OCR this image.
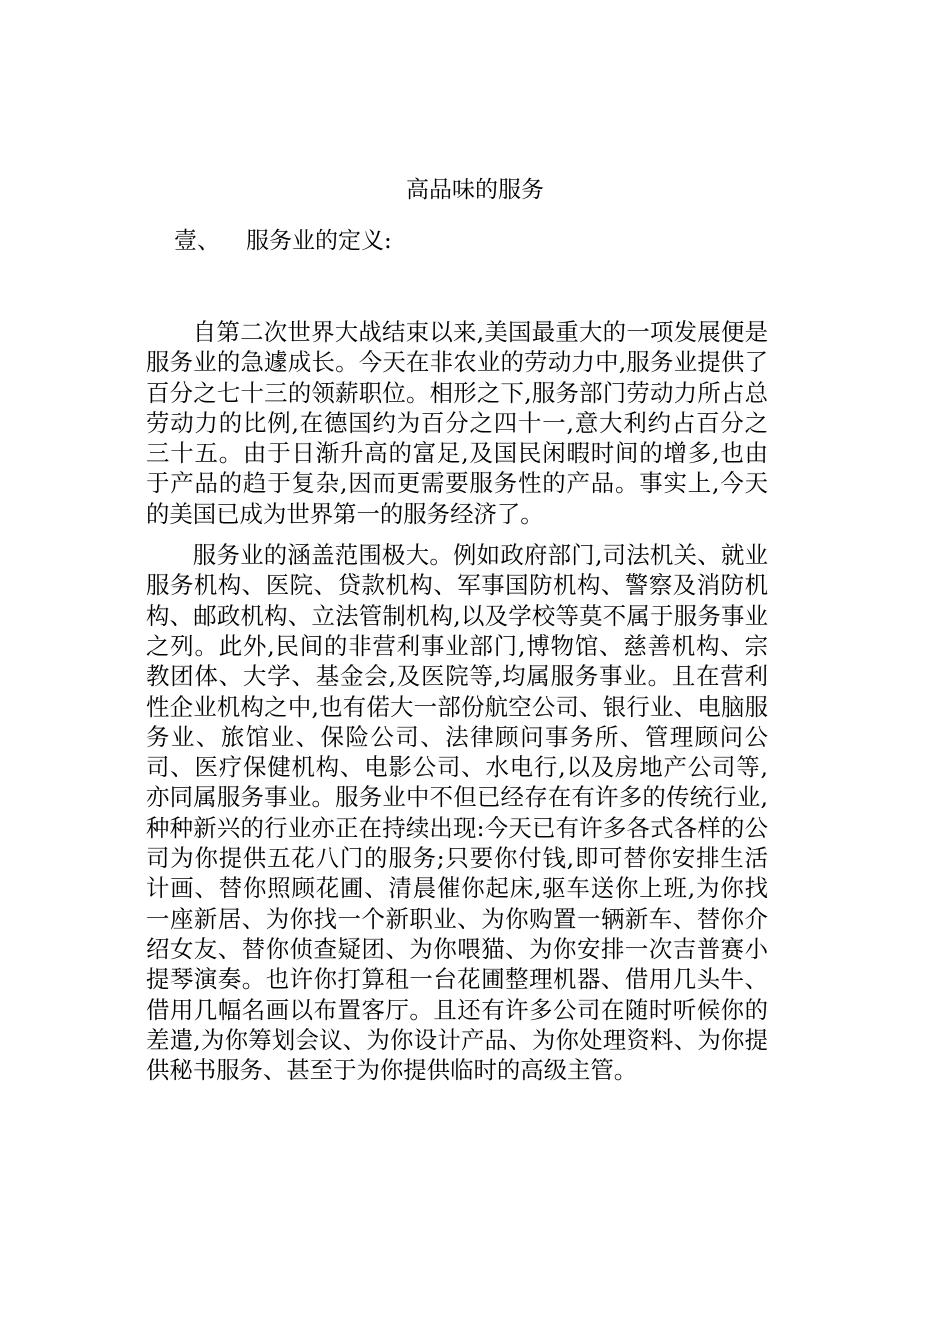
高品味的服务
壹、 服务业的定义:

自第二次世界大战结束以来,美国最重大的一项发展便是服务业的急遽成长。今天在非农业的劳动力中,服务业提供了百分之七十三的领薪职位。相形之下,服务部门劳动力所占总劳动力的比例,在德国约为百分之四十一,意大利约占百分之三十五。由于日渐升高的富足,及国民闲暇时间的增多,也由于产品的趋于复杂,因而更需要服务性的产品。事实上,今天的美国已成为世界第一的服务经济了。

服务业的涵盖范围极大。例如政府部门,司法机关、就业服务机构、医院、贷款机构、军事国防机构、警察及消防机构、邮政机构、立法管制机构,以及学校等莫不属于服务事业之列。此外,民间的非营利事业部门,博物馆、慈善机构、宗教团体、大学、基金会,及医院等,均属服务事业。且在营利性企业机构之中,也有偌大一部份航空公司、银行业、电脑服务业、旅馆业、保险公司、法律顾问事务所、管理顾问公司、医疗保健机构、电影公司、水电行,以及房地产公司等,亦同属服务事业。服务业中不但已经存在有许多的传统行业,种种新兴的行业亦正在持续出现:今天已有许多各式各样的公司为你提供五花八门的服务;只要你付钱,即可替你安排生活计画、替你照顾花圃、清晨催你起床,驱车送你上班,为你找一座新居、为你找一个新职业、为你购置一辆新车、替你介绍女友、替你侦查疑团、为你喂猫、为你安排一次吉普赛小提琴演奏。也许你打算租一台花圃整理机器、借用几头牛、借用几幅名画以布置客厅。且还有许多公司在随时听候你的差遣,为你筹划会议、为你设计产品、为你处理资料、为你提供秘书服务、甚至于为你提供临时的高级主管。
